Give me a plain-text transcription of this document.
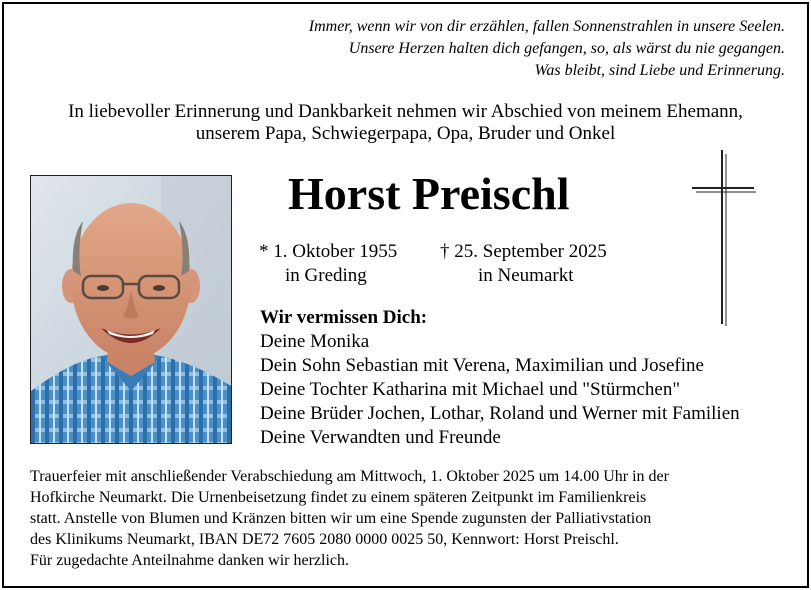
Immer, wenn wir von dir erzählen, fallen Sonnenstrahlen in unsere Seelen.
Unsere Herzen halten dich gefangen, so, als wärst du nie gegangen.
Was bleibt, sind Liebe und Erinnerung.
In liebevoller Erinnerung und Dankbarkeit nehmen wir Abschied von meinem Ehemann,
unserem Papa, Schwiegerpapa, Opa, Bruder und Onkel
Horst Preischl
* 1. Oktober 1955
in Greding
† 25. September 2025
in Neumarkt
Wir vermissen Dich:
Deine Monika
Dein Sohn Sebastian mit Verena, Maximilian und Josefine
Deine Tochter Katharina mit Michael und "Stürmchen"
Deine Brüder Jochen, Lothar, Roland und Werner mit Familien
Deine Verwandten und Freunde
Trauerfeier mit anschließender Verabschiedung am Mittwoch, 1. Oktober 2025 um 14.00 Uhr in der
Hofkirche Neumarkt. Die Urnenbeisetzung findet zu einem späteren Zeitpunkt im Familienkreis
statt. Anstelle von Blumen und Kränzen bitten wir um eine Spende zugunsten der Palliativstation
des Klinikums Neumarkt, IBAN DE72 7605 2080 0000 0025 50, Kennwort: Horst Preischl.
Für zugedachte Anteilnahme danken wir herzlich.
